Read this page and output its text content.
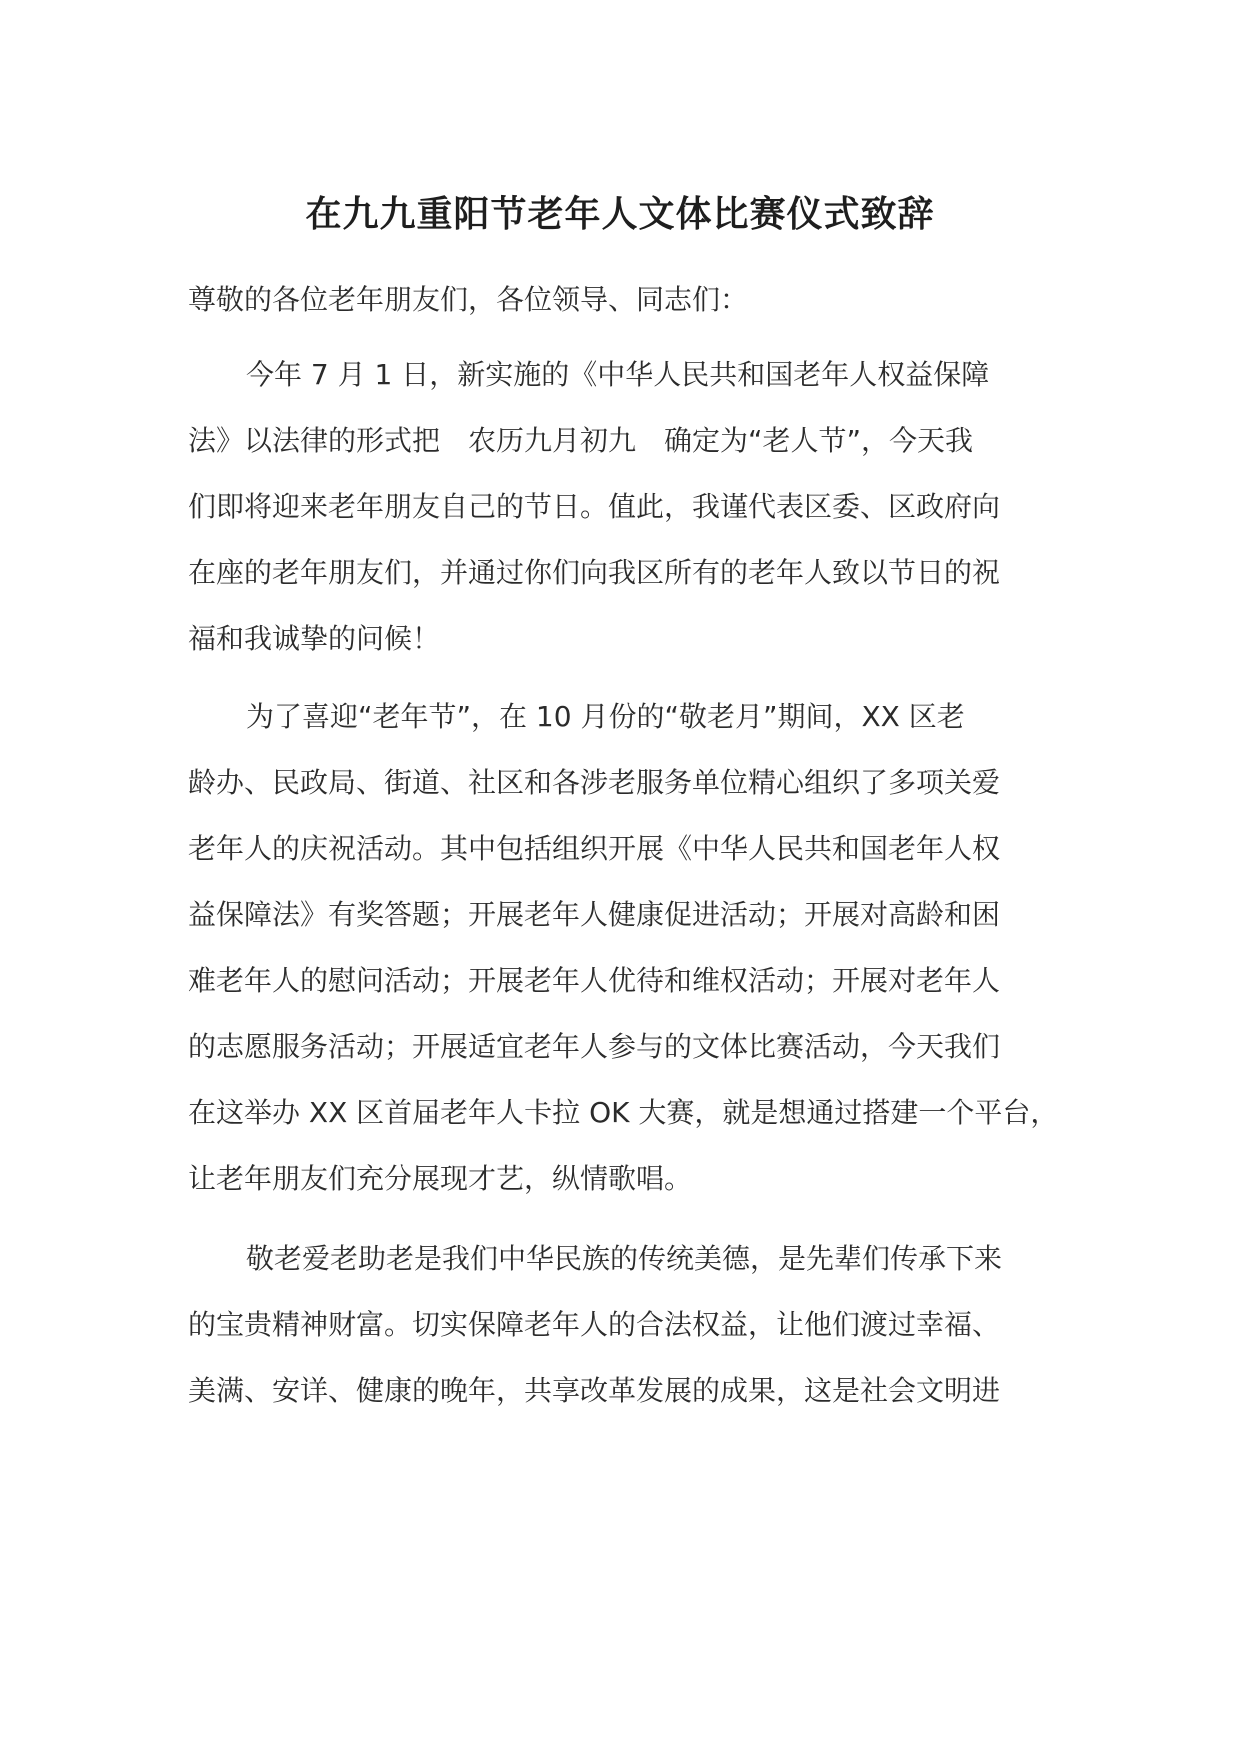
在九九重阳节老年人文体比赛仪式致辞
尊敬的各位老年朋友们，各位领导、同志们：
今年 7 月 1 日，新实施的《中华人民共和国老年人权益保障
法》以法律的形式把　农历九月初九　确定为“老人节”，今天我
们即将迎来老年朋友自己的节日。值此，我谨代表区委、区政府向
在座的老年朋友们，并通过你们向我区所有的老年人致以节日的祝
福和我诚挚的问候！
为了喜迎“老年节”，在 10 月份的“敬老月”期间，XX 区老
龄办、民政局、街道、社区和各涉老服务单位精心组织了多项关爱
老年人的庆祝活动。其中包括组织开展《中华人民共和国老年人权
益保障法》有奖答题；开展老年人健康促进活动；开展对高龄和困
难老年人的慰问活动；开展老年人优待和维权活动；开展对老年人
的志愿服务活动；开展适宜老年人参与的文体比赛活动，今天我们
在这举办 XX 区首届老年人卡拉 OK 大赛，就是想通过搭建一个平台，
让老年朋友们充分展现才艺，纵情歌唱。
敬老爱老助老是我们中华民族的传统美德，是先辈们传承下来
的宝贵精神财富。切实保障老年人的合法权益，让他们渡过幸福、
美满、安详、健康的晚年，共享改革发展的成果，这是社会文明进
